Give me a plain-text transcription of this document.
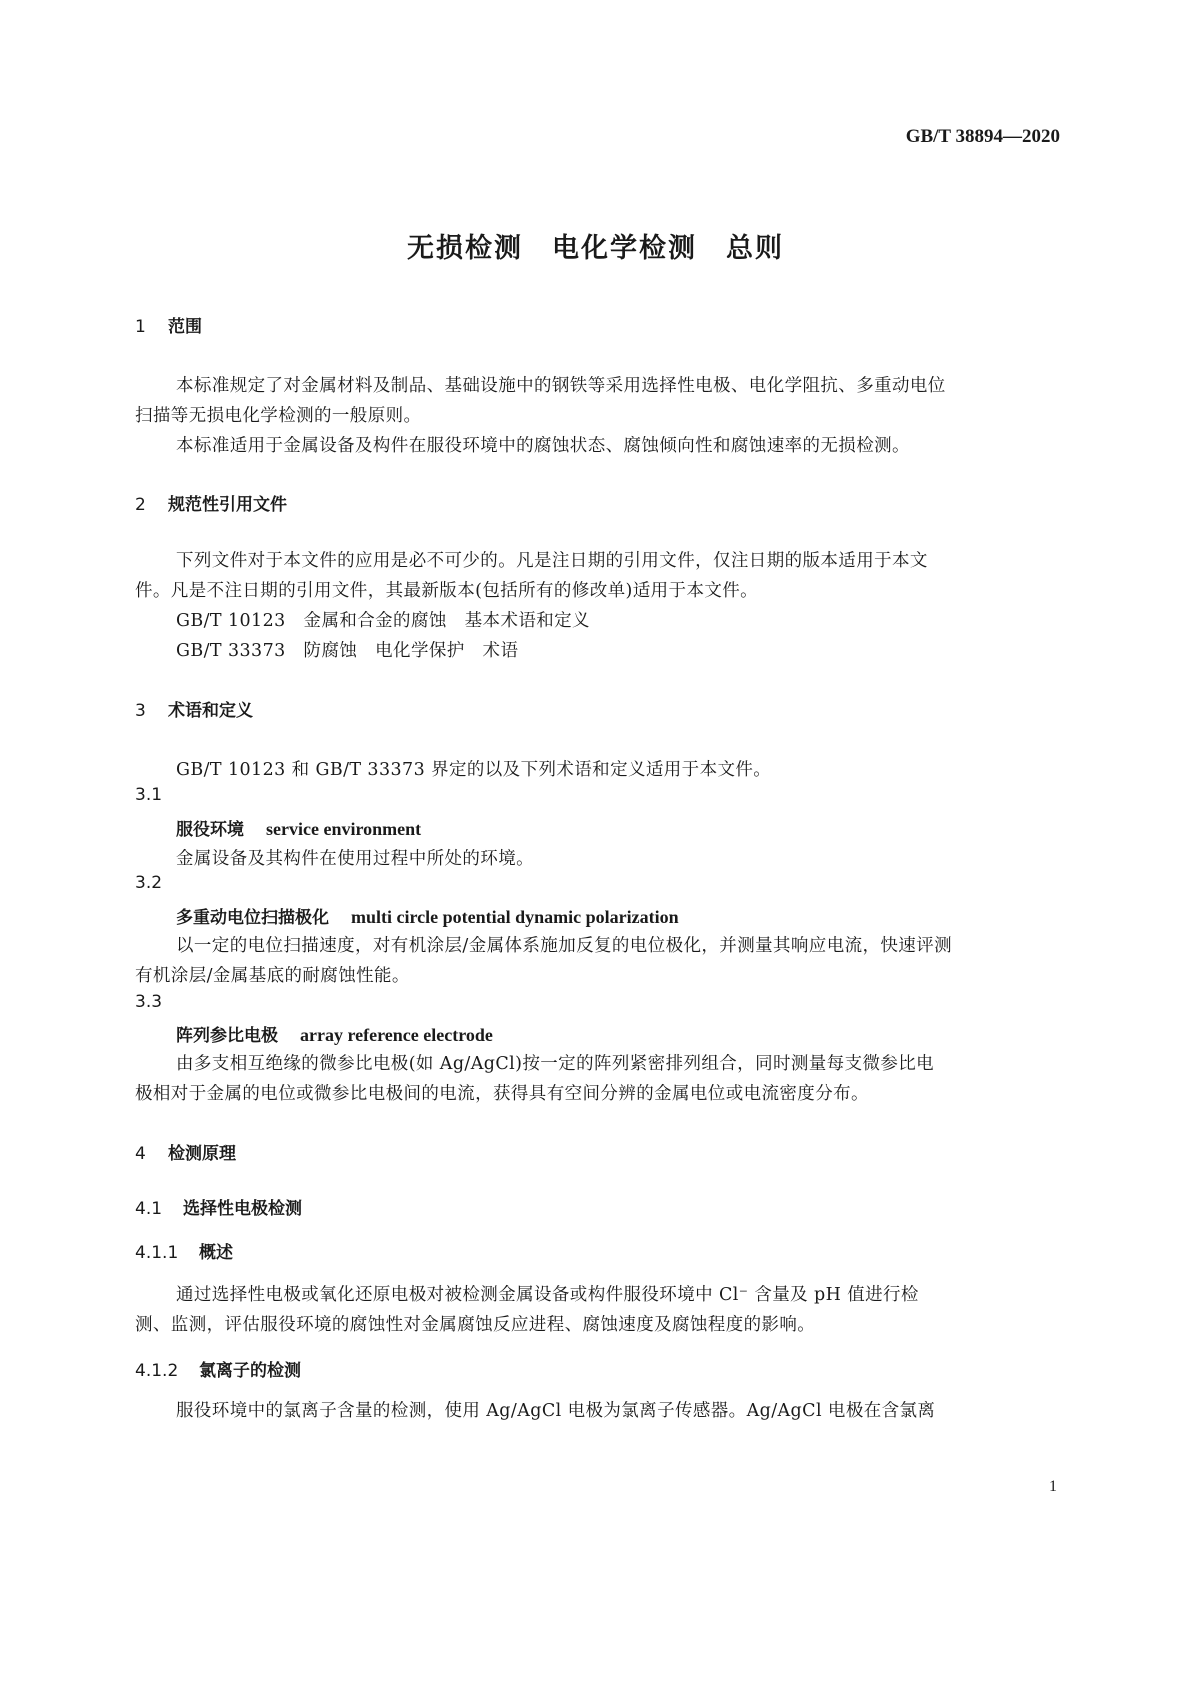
GB/T 38894—2020
无损检测　电化学检测　总则
1 范围
本标准规定了对金属材料及制品、基础设施中的钢铁等采用选择性电极、电化学阻抗、多重动电位
扫描等无损电化学检测的一般原则。
本标准适用于金属设备及构件在服役环境中的腐蚀状态、腐蚀倾向性和腐蚀速率的无损检测。
2 规范性引用文件
下列文件对于本文件的应用是必不可少的。凡是注日期的引用文件，仅注日期的版本适用于本文
件。凡是不注日期的引用文件，其最新版本(包括所有的修改单)适用于本文件。
GB/T 10123　金属和合金的腐蚀　基本术语和定义
GB/T 33373　防腐蚀　电化学保护　术语
3 术语和定义
GB/T 10123 和 GB/T 33373 界定的以及下列术语和定义适用于本文件。
3.1
服役环境 service environment
金属设备及其构件在使用过程中所处的环境。
3.2
多重动电位扫描极化 multi circle potential dynamic polarization
以一定的电位扫描速度，对有机涂层/金属体系施加反复的电位极化，并测量其响应电流，快速评测
有机涂层/金属基底的耐腐蚀性能。
3.3
阵列参比电极 array reference electrode
由多支相互绝缘的微参比电极(如 Ag/AgCl)按一定的阵列紧密排列组合，同时测量每支微参比电
极相对于金属的电位或微参比电极间的电流，获得具有空间分辨的金属电位或电流密度分布。
4 检测原理
4.1 选择性电极检测
4.1.1 概述
通过选择性电极或氧化还原电极对被检测金属设备或构件服役环境中 Cl⁻ 含量及 pH 值进行检
测、监测，评估服役环境的腐蚀性对金属腐蚀反应进程、腐蚀速度及腐蚀程度的影响。
4.1.2 氯离子的检测
服役环境中的氯离子含量的检测，使用 Ag/AgCl 电极为氯离子传感器。Ag/AgCl 电极在含氯离
1
